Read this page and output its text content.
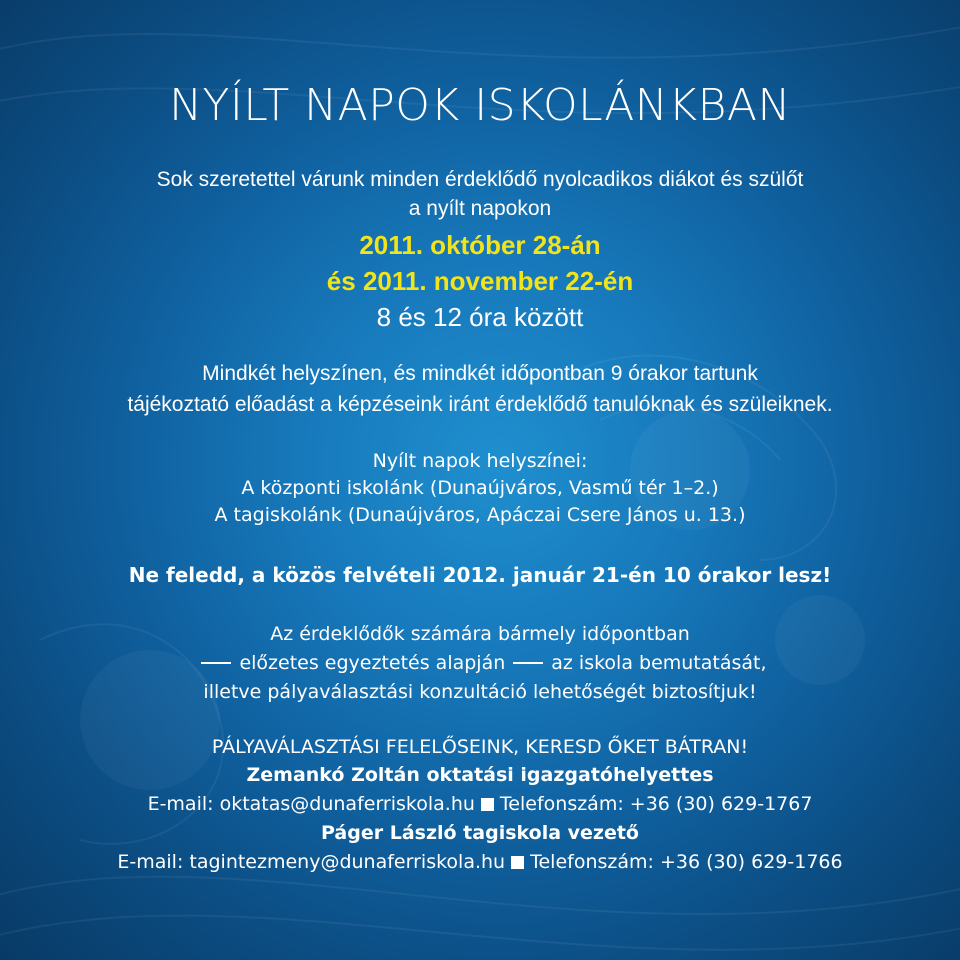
NYÍLT NAPOK ISKOLÁNKBAN
Sok szeretettel várunk minden érdeklődő nyolcadikos diákot és szülőt
a nyílt napokon
2011. október 28-án
és 2011. november 22-én
8 és 12 óra között
Mindkét helyszínen, és mindkét időpontban 9 órakor tartunk
tájékoztató előadást a képzéseink iránt érdeklődő tanulóknak és szüleiknek.
Nyílt napok helyszínei:
A központi iskolánk (Dunaújváros, Vasmű tér 1–2.)
A tagiskolánk (Dunaújváros, Apáczai Csere János u. 13.)
Ne feledd, a közös felvételi 2012. január 21-én 10 órakor lesz!
Az érdeklődők számára bármely időpontban
előzetes egyeztetés alapján az iskola bemutatását,
illetve pályaválasztási konzultáció lehetőségét biztosítjuk!
PÁLYAVÁLASZTÁSI FELELŐSEINK, KERESD ŐKET BÁTRAN!
Zemankó Zoltán oktatási igazgatóhelyettes
E-mail: oktatas@dunaferriskola.hu Telefonszám: +36 (30) 629-1767
Páger László tagiskola vezető
E-mail: tagintezmeny@dunaferriskola.hu Telefonszám: +36 (30) 629-1766
